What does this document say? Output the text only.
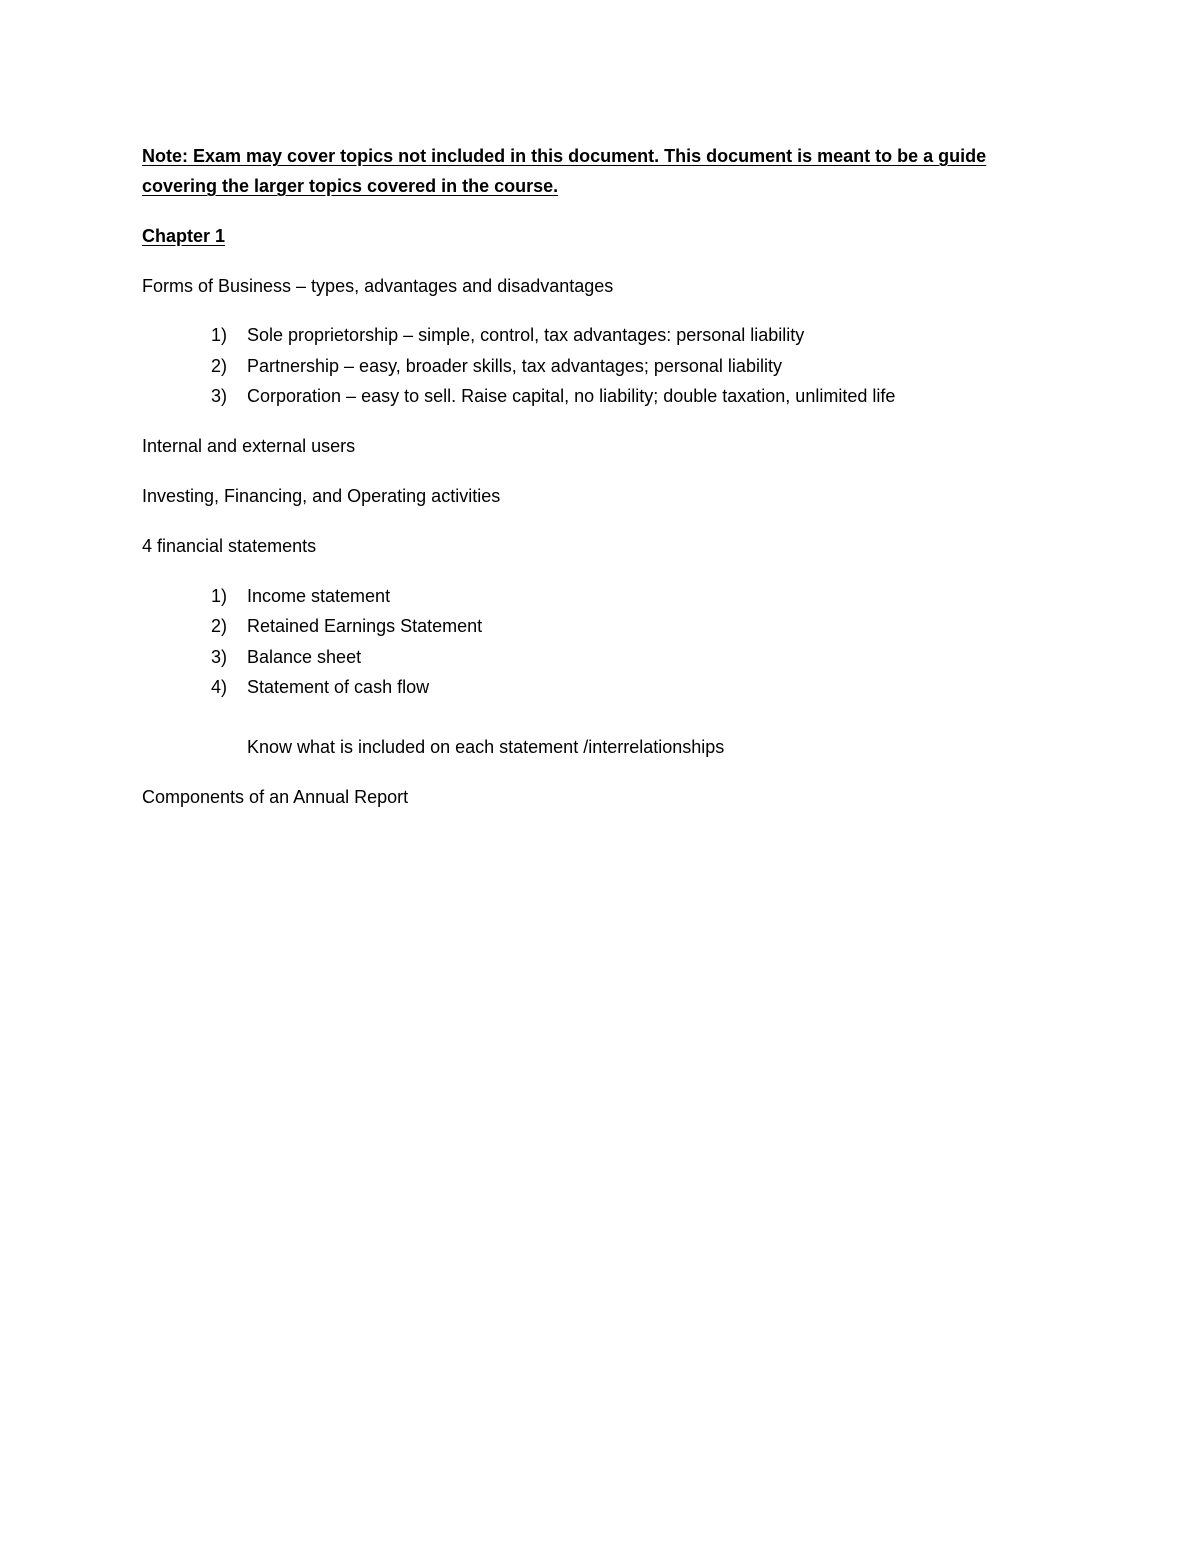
Note: Exam may cover topics not included in this document. This document is meant to be a guide
covering the larger topics covered in the course.
Chapter 1
Forms of Business – types, advantages and disadvantages
1)	Sole proprietorship – simple, control, tax advantages: personal liability
2)	Partnership – easy, broader skills, tax advantages; personal liability
3)	Corporation – easy to sell. Raise capital, no liability; double taxation, unlimited life
Internal and external users
Investing, Financing, and Operating activities
4 financial statements
1)	Income statement
2)	Retained Earnings Statement
3)	Balance sheet
4)	Statement of cash flow
Know what is included on each statement /interrelationships
Components of an Annual Report
